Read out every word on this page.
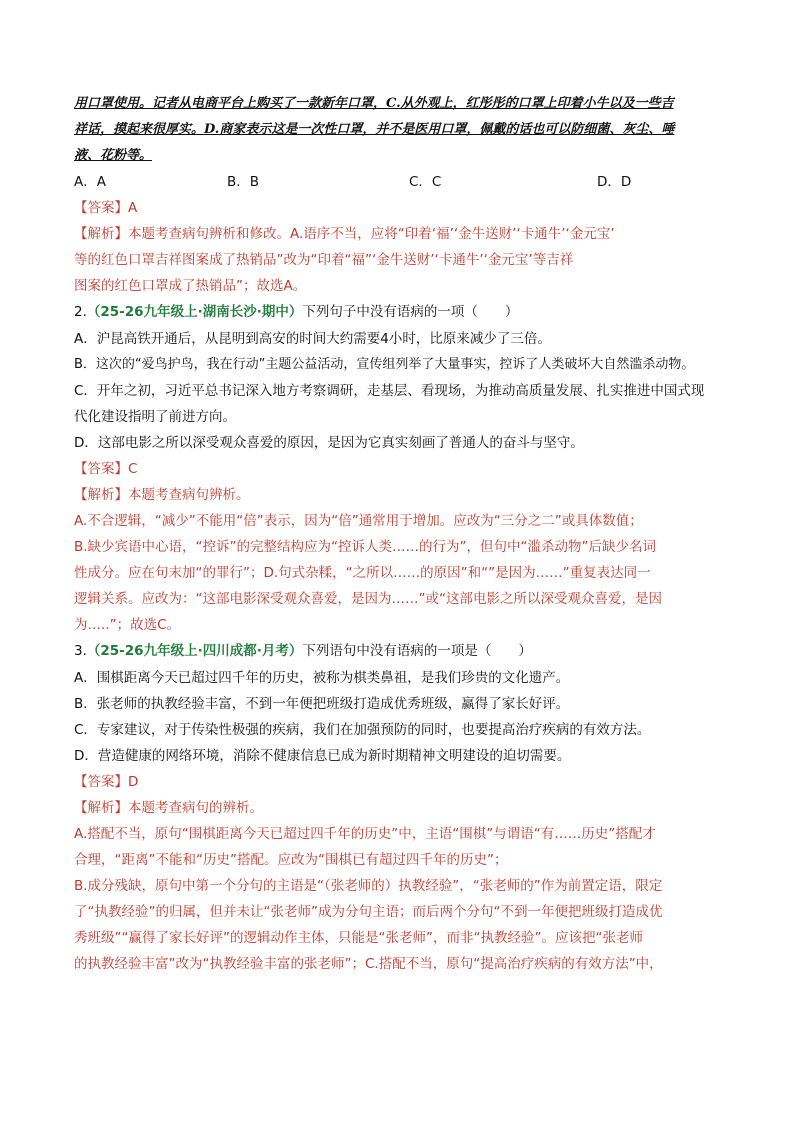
用口罩使用。记者从电商平台上购买了一款新年口罩，C.从外观上，红彤彤的口罩上印着小牛以及一些吉
祥话，摸起来很厚实。D.商家表示这是一次性口罩，并不是医用口罩，佩戴的话也可以防细菌、灰尘、唾
液、花粉等。
A．A	B．B	C．C	D．D
【答案】A
【解析】本题考查病句辨析和修改。A.语序不当，应将“印着‘福’‘金牛送财’‘卡通牛’‘金元宝’
等的红色口罩吉祥图案成了热销品”改为“印着“福”‘金牛送财’‘卡通牛’‘金元宝’等吉祥
图案的红色口罩成了热销品”；故选A。
2.（25-26九年级上·湖南长沙·期中）下列句子中没有语病的一项（　　）
A．沪昆高铁开通后，从昆明到高安的时间大约需要4小时，比原来减少了三倍。
B．这次的“爱鸟护鸟，我在行动”主题公益活动，宣传组列举了大量事实，控诉了人类破坏大自然滥杀动物。
C．开年之初，习近平总书记深入地方考察调研，走基层、看现场，为推动高质量发展、扎实推进中国式现
代化建设指明了前进方向。
D．这部电影之所以深受观众喜爱的原因，是因为它真实刻画了普通人的奋斗与坚守。
【答案】C
【解析】本题考查病句辨析。
A.不合逻辑，“减少”不能用“倍”表示，因为“倍”通常用于增加。应改为“三分之二”或具体数值；
B.缺少宾语中心语，“控诉”的完整结构应为“控诉人类……的行为”，但句中“滥杀动物”后缺少名词
性成分。应在句末加“的罪行”；D.句式杂糅，“之所以……的原因”和“”是因为……”重复表达同一
逻辑关系。应改为：“这部电影深受观众喜爱，是因为……”或“这部电影之所以深受观众喜爱，是因
为…..”；故选C。
3.（25-26九年级上·四川成都·月考）下列语句中没有语病的一项是（　　）
A．围棋距离今天已超过四千年的历史，被称为棋类鼻祖，是我们珍贵的文化遗产。
B．张老师的执教经验丰富，不到一年便把班级打造成优秀班级，赢得了家长好评。
C．专家建议，对于传染性极强的疾病，我们在加强预防的同时，也要提高治疗疾病的有效方法。
D．营造健康的网络环境，消除不健康信息已成为新时期精神文明建设的迫切需要。
【答案】D
【解析】本题考查病句的辨析。
A.搭配不当，原句“围棋距离今天已超过四千年的历史”中，主语“围棋”与谓语“有……历史”搭配才
合理，“距离”不能和“历史”搭配。应改为“围棋已有超过四千年的历史”；
B.成分残缺，原句中第一个分句的主语是“（张老师的）执教经验”，“张老师的”作为前置定语，限定
了“执教经验”的归属，但并未让“张老师”成为分句主语；而后两个分句“不到一年便把班级打造成优
秀班级”“赢得了家长好评”的逻辑动作主体，只能是“张老师”，而非“执教经验”。应该把“张老师
的执教经验丰富”改为“执教经验丰富的张老师”；C.搭配不当，原句“提高治疗疾病的有效方法”中，
